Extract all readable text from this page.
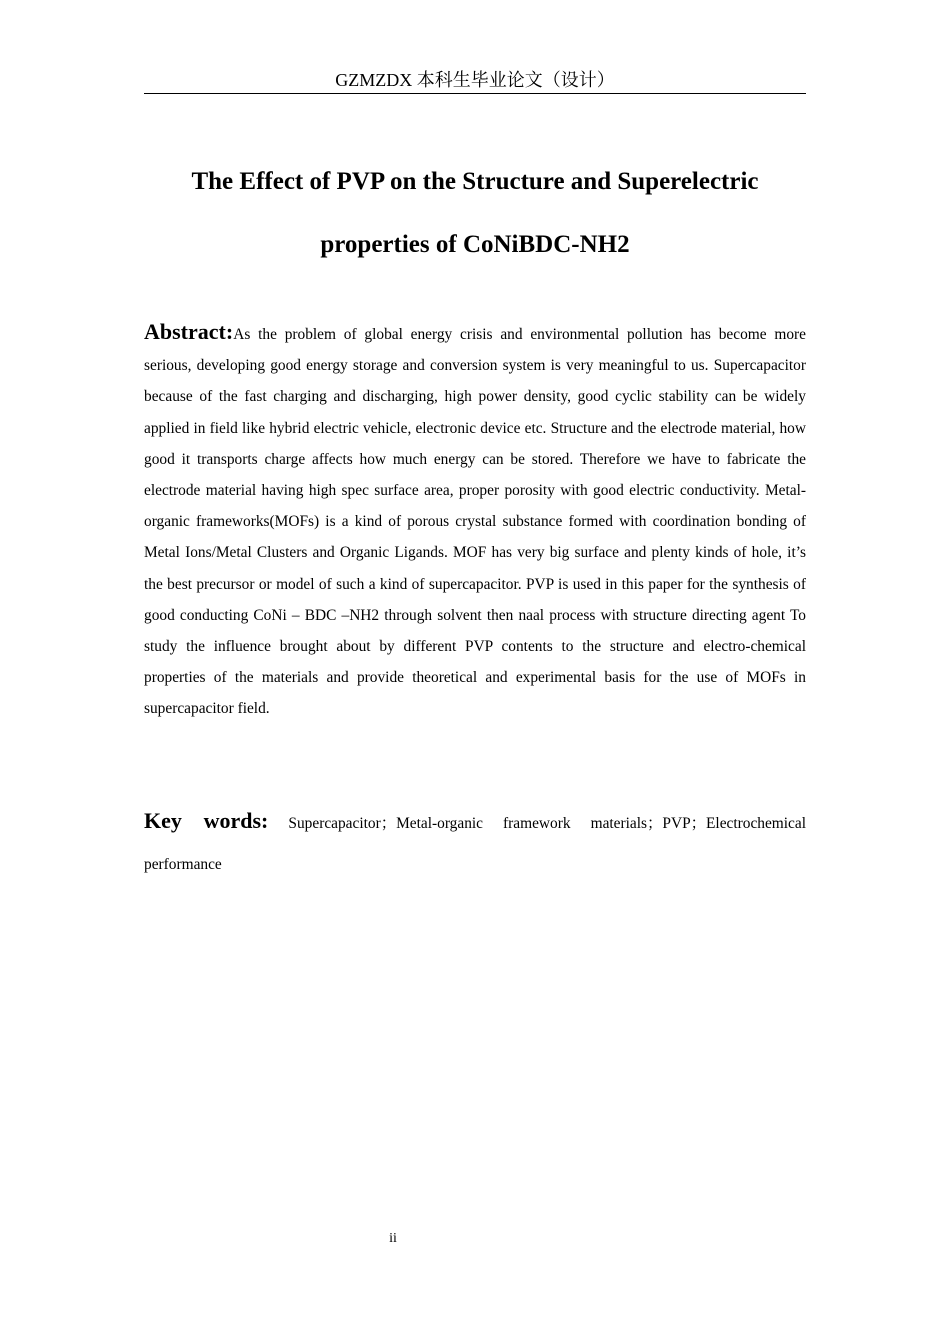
GZMZDX 本科生毕业论文（设计）
The Effect of PVP on the Structure and Superelectric properties of CoNiBDC-NH2

Abstract:As the problem of global energy crisis and environmental pollution has become more serious, developing good energy storage and conversion system is very meaningful to us. Supercapacitor because of the fast charging and discharging, high power density, good cyclic stability can be widely applied in field like hybrid electric vehicle, electronic device etc. Structure and the electrode material, how good it transports charge affects how much energy can be stored. Therefore we have to fabricate the electrode material having high spec surface area, proper porosity with good electric conductivity. Metal-organic frameworks(MOFs) is a kind of porous crystal substance formed with coordination bonding of Metal Ions/Metal Clusters and Organic Ligands. MOF has very big surface and plenty kinds of hole, it’s the best precursor or model of such a kind of supercapacitor. PVP is used in this paper for the synthesis of good conducting CoNi – BDC –NH2 through solvent then naal process with structure directing agent To study the influence brought about by different PVP contents to the structure and electro-chemical properties of the materials and provide theoretical and experimental basis for the use of MOFs in supercapacitor field.

Key words: Supercapacitor；Metal-organic framework materials；PVP；Electrochemical performance

ii
